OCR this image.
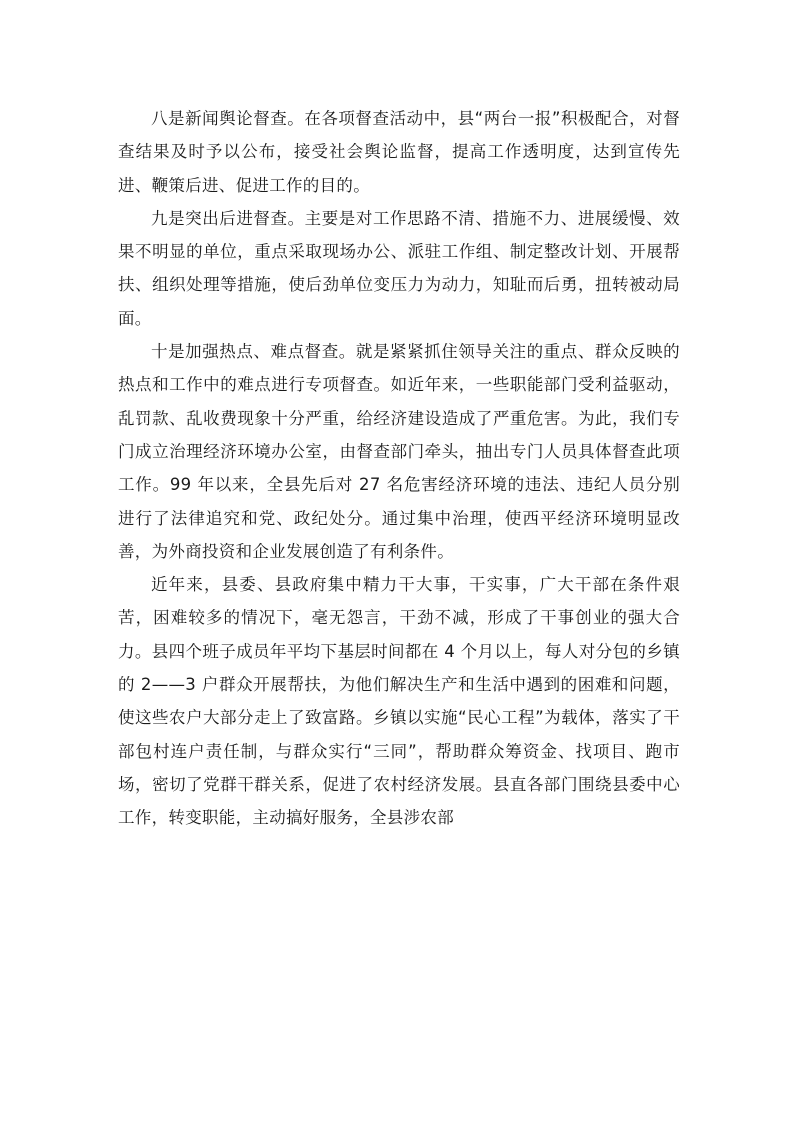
八是新闻舆论督查。在各项督查活动中，县“两台一报”积极配合，对督查结果及时予以公布，接受社会舆论监督，提高工作透明度，达到宣传先进、鞭策后进、促进工作的目的。

九是突出后进督查。主要是对工作思路不清、措施不力、进展缓慢、效果不明显的单位，重点采取现场办公、派驻工作组、制定整改计划、开展帮扶、组织处理等措施，使后劲单位变压力为动力，知耻而后勇，扭转被动局面。

十是加强热点、难点督查。就是紧紧抓住领导关注的重点、群众反映的热点和工作中的难点进行专项督查。如近年来，一些职能部门受利益驱动，乱罚款、乱收费现象十分严重，给经济建设造成了严重危害。为此，我们专门成立治理经济环境办公室，由督查部门牵头，抽出专门人员具体督查此项工作。99 年以来，全县先后对 27 名危害经济环境的违法、违纪人员分别进行了法律追究和党、政纪处分。通过集中治理，使西平经济环境明显改善，为外商投资和企业发展创造了有利条件。

近年来，县委、县政府集中精力干大事，干实事，广大干部在条件艰苦，困难较多的情况下，毫无怨言，干劲不减，形成了干事创业的强大合力。县四个班子成员年平均下基层时间都在 4 个月以上，每人对分包的乡镇的 2——3 户群众开展帮扶，为他们解决生产和生活中遇到的困难和问题，使这些农户大部分走上了致富路。乡镇以实施“民心工程”为载体，落实了干部包村连户责任制，与群众实行“三同”，帮助群众筹资金、找项目、跑市场，密切了党群干群关系，促进了农村经济发展。县直各部门围绕县委中心工作，转变职能，主动搞好服务，全县涉农部
